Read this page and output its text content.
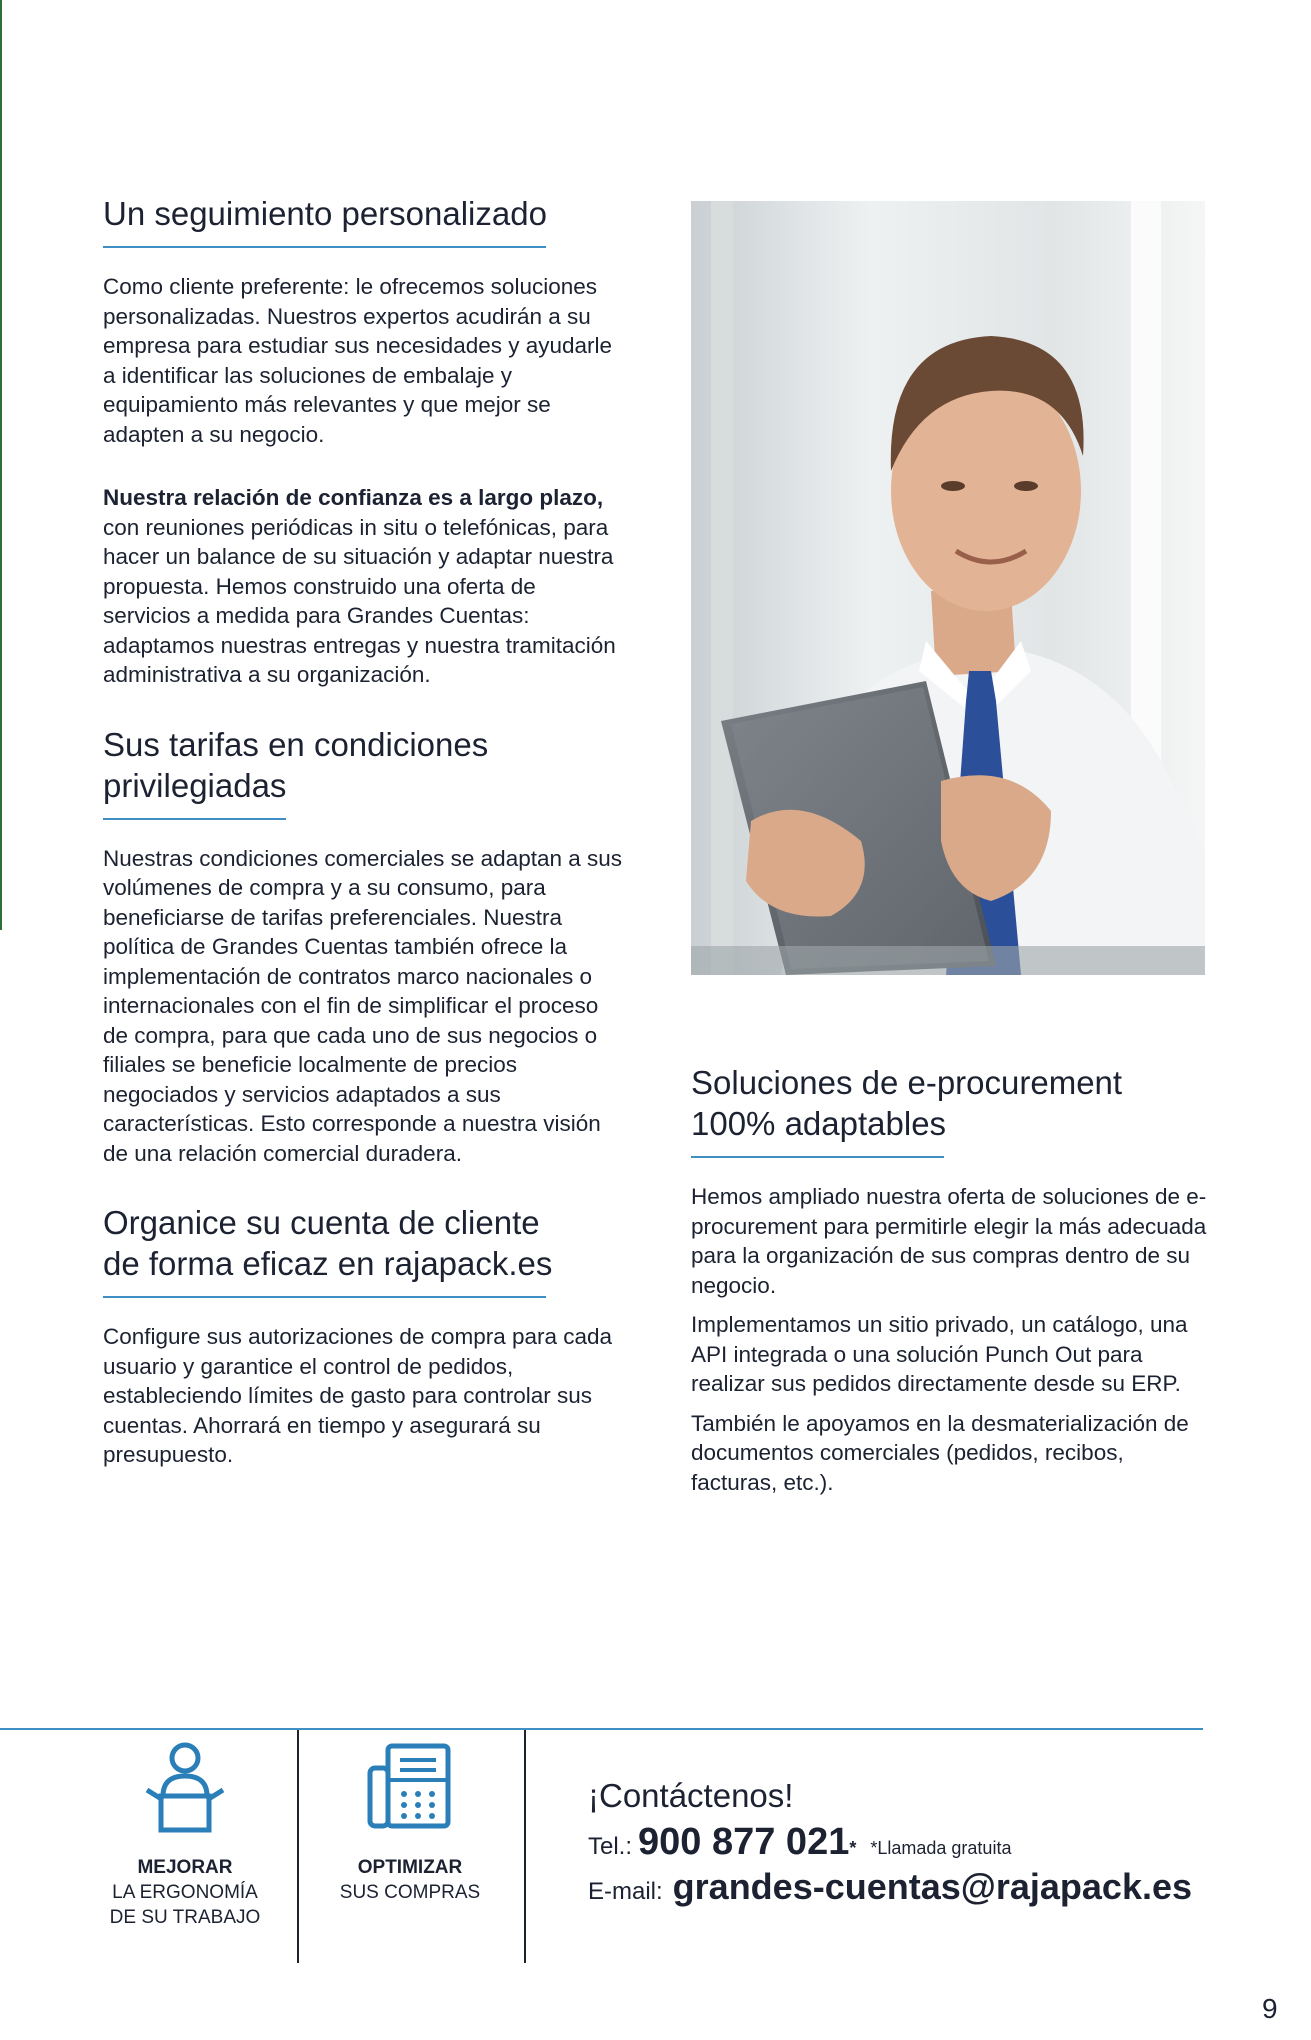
Un seguimiento personalizado

Como cliente preferente: le ofrecemos soluciones personalizadas. Nuestros expertos acudirán a su empresa para estudiar sus necesidades y ayudarle a identificar las soluciones de embalaje y equipamiento más relevantes y que mejor se adapten a su negocio.

Nuestra relación de confianza es a largo plazo, con reuniones periódicas in situ o telefónicas, para hacer un balance de su situación y adaptar nuestra propuesta. Hemos construido una oferta de servicios a medida para Grandes Cuentas: adaptamos nuestras entregas y nuestra tramitación administrativa a su organización.

Sus tarifas en condiciones
privilegiadas

Nuestras condiciones comerciales se adaptan a sus volúmenes de compra y a su consumo, para beneficiarse de tarifas preferenciales. Nuestra política de Grandes Cuentas también ofrece la implementación de contratos marco nacionales o internacionales con el fin de simplificar el proceso de compra, para que cada uno de sus negocios o filiales se beneficie localmente de precios negociados y servicios adaptados a sus características. Esto corresponde a nuestra visión de una relación comercial duradera.

Organice su cuenta de cliente
de forma eficaz en rajapack.es

Configure sus autorizaciones de compra para cada usuario y garantice el control de pedidos, estableciendo límites de gasto para controlar sus cuentas. Ahorrará en tiempo y asegurará su presupuesto.

Soluciones de e-procurement
100% adaptables

Hemos ampliado nuestra oferta de soluciones de e-procurement para permitirle elegir la más adecuada para la organización de sus compras dentro de su negocio.

Implementamos un sitio privado, un catálogo, una API integrada o una solución Punch Out para realizar sus pedidos directamente desde su ERP.

También le apoyamos en la desmaterialización de documentos comerciales (pedidos, recibos, facturas, etc.).

MEJORAR
LA ERGONOMÍA
DE SU TRABAJO
OPTIMIZAR
SUS COMPRAS
¡Contáctenos!
Tel.: 900 877 021 * *Llamada gratuita
E-mail: grandes-cuentas@rajapack.es
9
